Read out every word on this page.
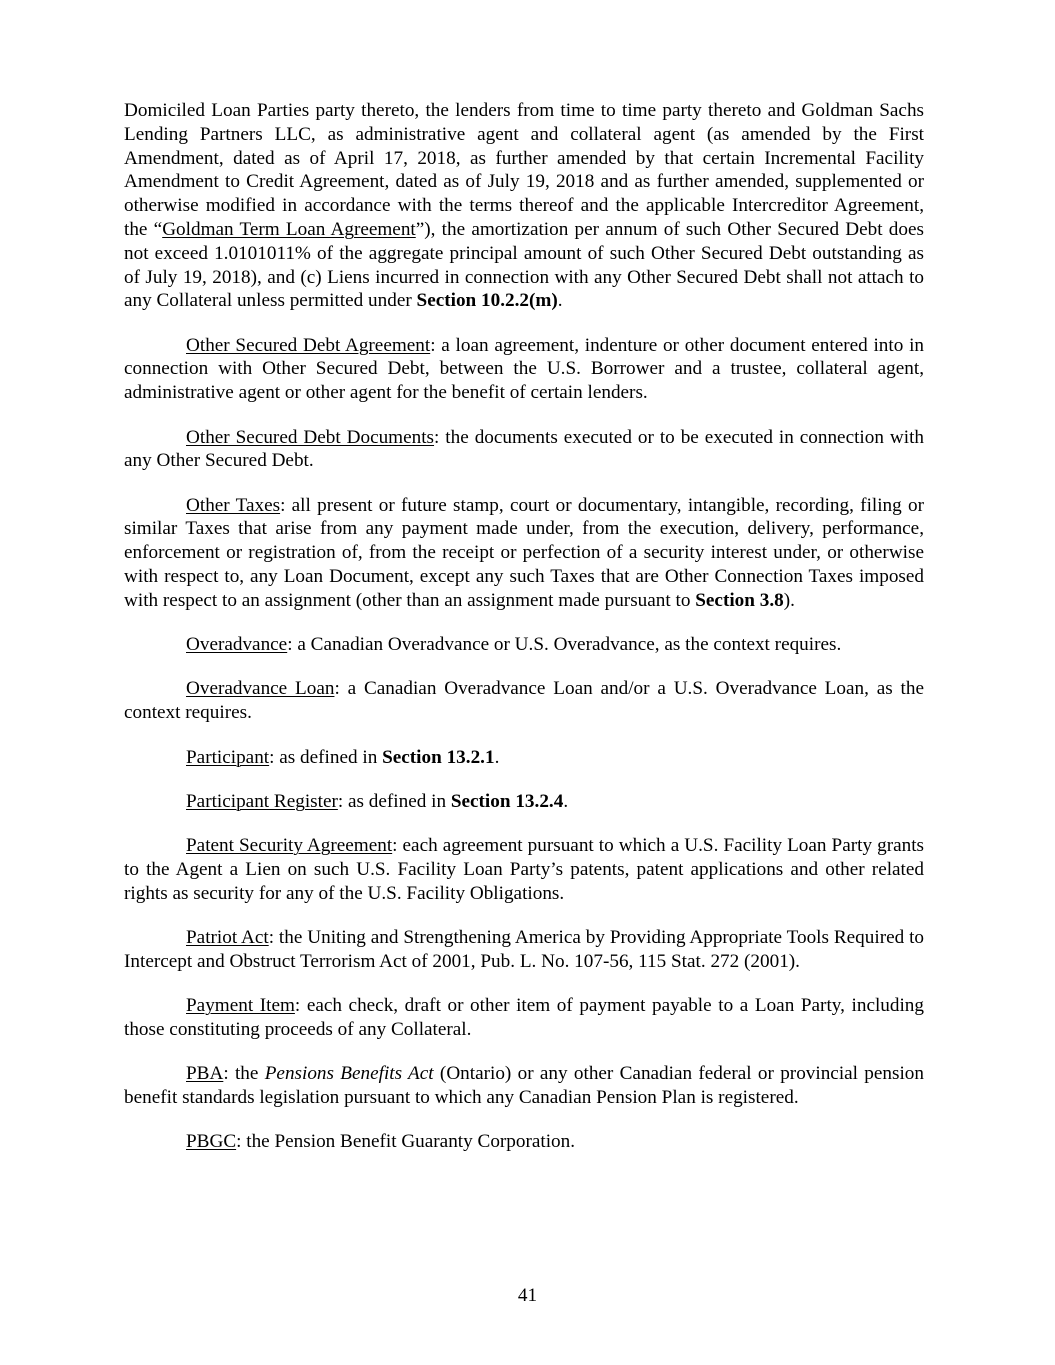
Domiciled Loan Parties party thereto, the lenders from time to time party thereto and Goldman Sachs Lending Partners LLC, as administrative agent and collateral agent (as amended by the First Amendment, dated as of April 17, 2018, as further amended by that certain Incremental Facility Amendment to Credit Agreement, dated as of July 19, 2018 and as further amended, supplemented or otherwise modified in accordance with the terms thereof and the applicable Intercreditor Agreement, the “Goldman Term Loan Agreement”), the amortization per annum of such Other Secured Debt does not exceed 1.0101011% of the aggregate principal amount of such Other Secured Debt outstanding as of July 19, 2018), and (c) Liens incurred in connection with any Other Secured Debt shall not attach to any Collateral unless permitted under Section 10.2.2(m).

Other Secured Debt Agreement: a loan agreement, indenture or other document entered into in connection with Other Secured Debt, between the U.S. Borrower and a trustee, collateral agent, administrative agent or other agent for the benefit of certain lenders.

Other Secured Debt Documents: the documents executed or to be executed in connection with any Other Secured Debt.

Other Taxes: all present or future stamp, court or documentary, intangible, recording, filing or similar Taxes that arise from any payment made under, from the execution, delivery, performance, enforcement or registration of, from the receipt or perfection of a security interest under, or otherwise with respect to, any Loan Document, except any such Taxes that are Other Connection Taxes imposed with respect to an assignment (other than an assignment made pursuant to Section 3.8).

Overadvance: a Canadian Overadvance or U.S. Overadvance, as the context requires.

Overadvance Loan: a Canadian Overadvance Loan and/or a U.S. Overadvance Loan, as the context requires.

Participant: as defined in Section 13.2.1.

Participant Register: as defined in Section 13.2.4.

Patent Security Agreement: each agreement pursuant to which a U.S. Facility Loan Party grants to the Agent a Lien on such U.S. Facility Loan Party’s patents, patent applications and other related rights as security for any of the U.S. Facility Obligations.

Patriot Act: the Uniting and Strengthening America by Providing Appropriate Tools Required to Intercept and Obstruct Terrorism Act of 2001, Pub. L. No. 107-56, 115 Stat. 272 (2001).

Payment Item: each check, draft or other item of payment payable to a Loan Party, including those constituting proceeds of any Collateral.

PBA: the Pensions Benefits Act (Ontario) or any other Canadian federal or provincial pension benefit standards legislation pursuant to which any Canadian Pension Plan is registered.

PBGC: the Pension Benefit Guaranty Corporation.

41
